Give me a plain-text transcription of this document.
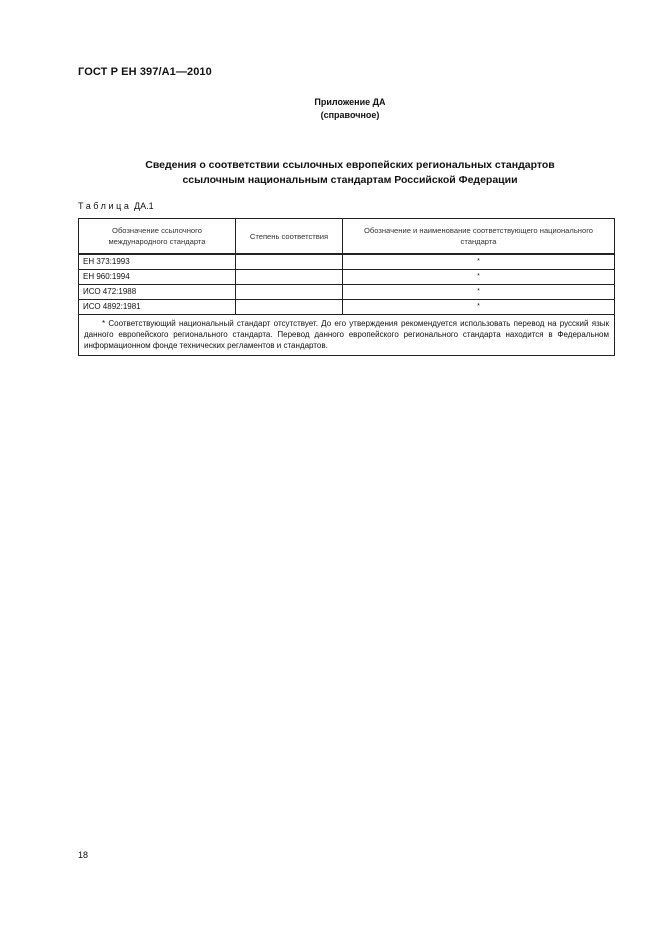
ГОСТ Р ЕН 397/А1—2010
Приложение ДА
(справочное)
Сведения о соответствии ссылочных европейских региональных стандартов
ссылочным национальным стандартам Российской Федерации
Таблица ДА.1
Обозначение ссылочного международного стандарта	Степень соответствия	Обозначение и наименование соответствующего национального стандарта
ЕН 373:1993		*
ЕН 960:1994		*
ИСО 472:1988		*
ИСО 4892:1981		*
* Соответствующий национальный стандарт отсутствует. До его утверждения рекомендуется использовать перевод на русский язык данного европейского регионального стандарта. Перевод данного европейского регионального стандарта находится в Федеральном информационном фонде технических регламентов и стандартов.		
18
